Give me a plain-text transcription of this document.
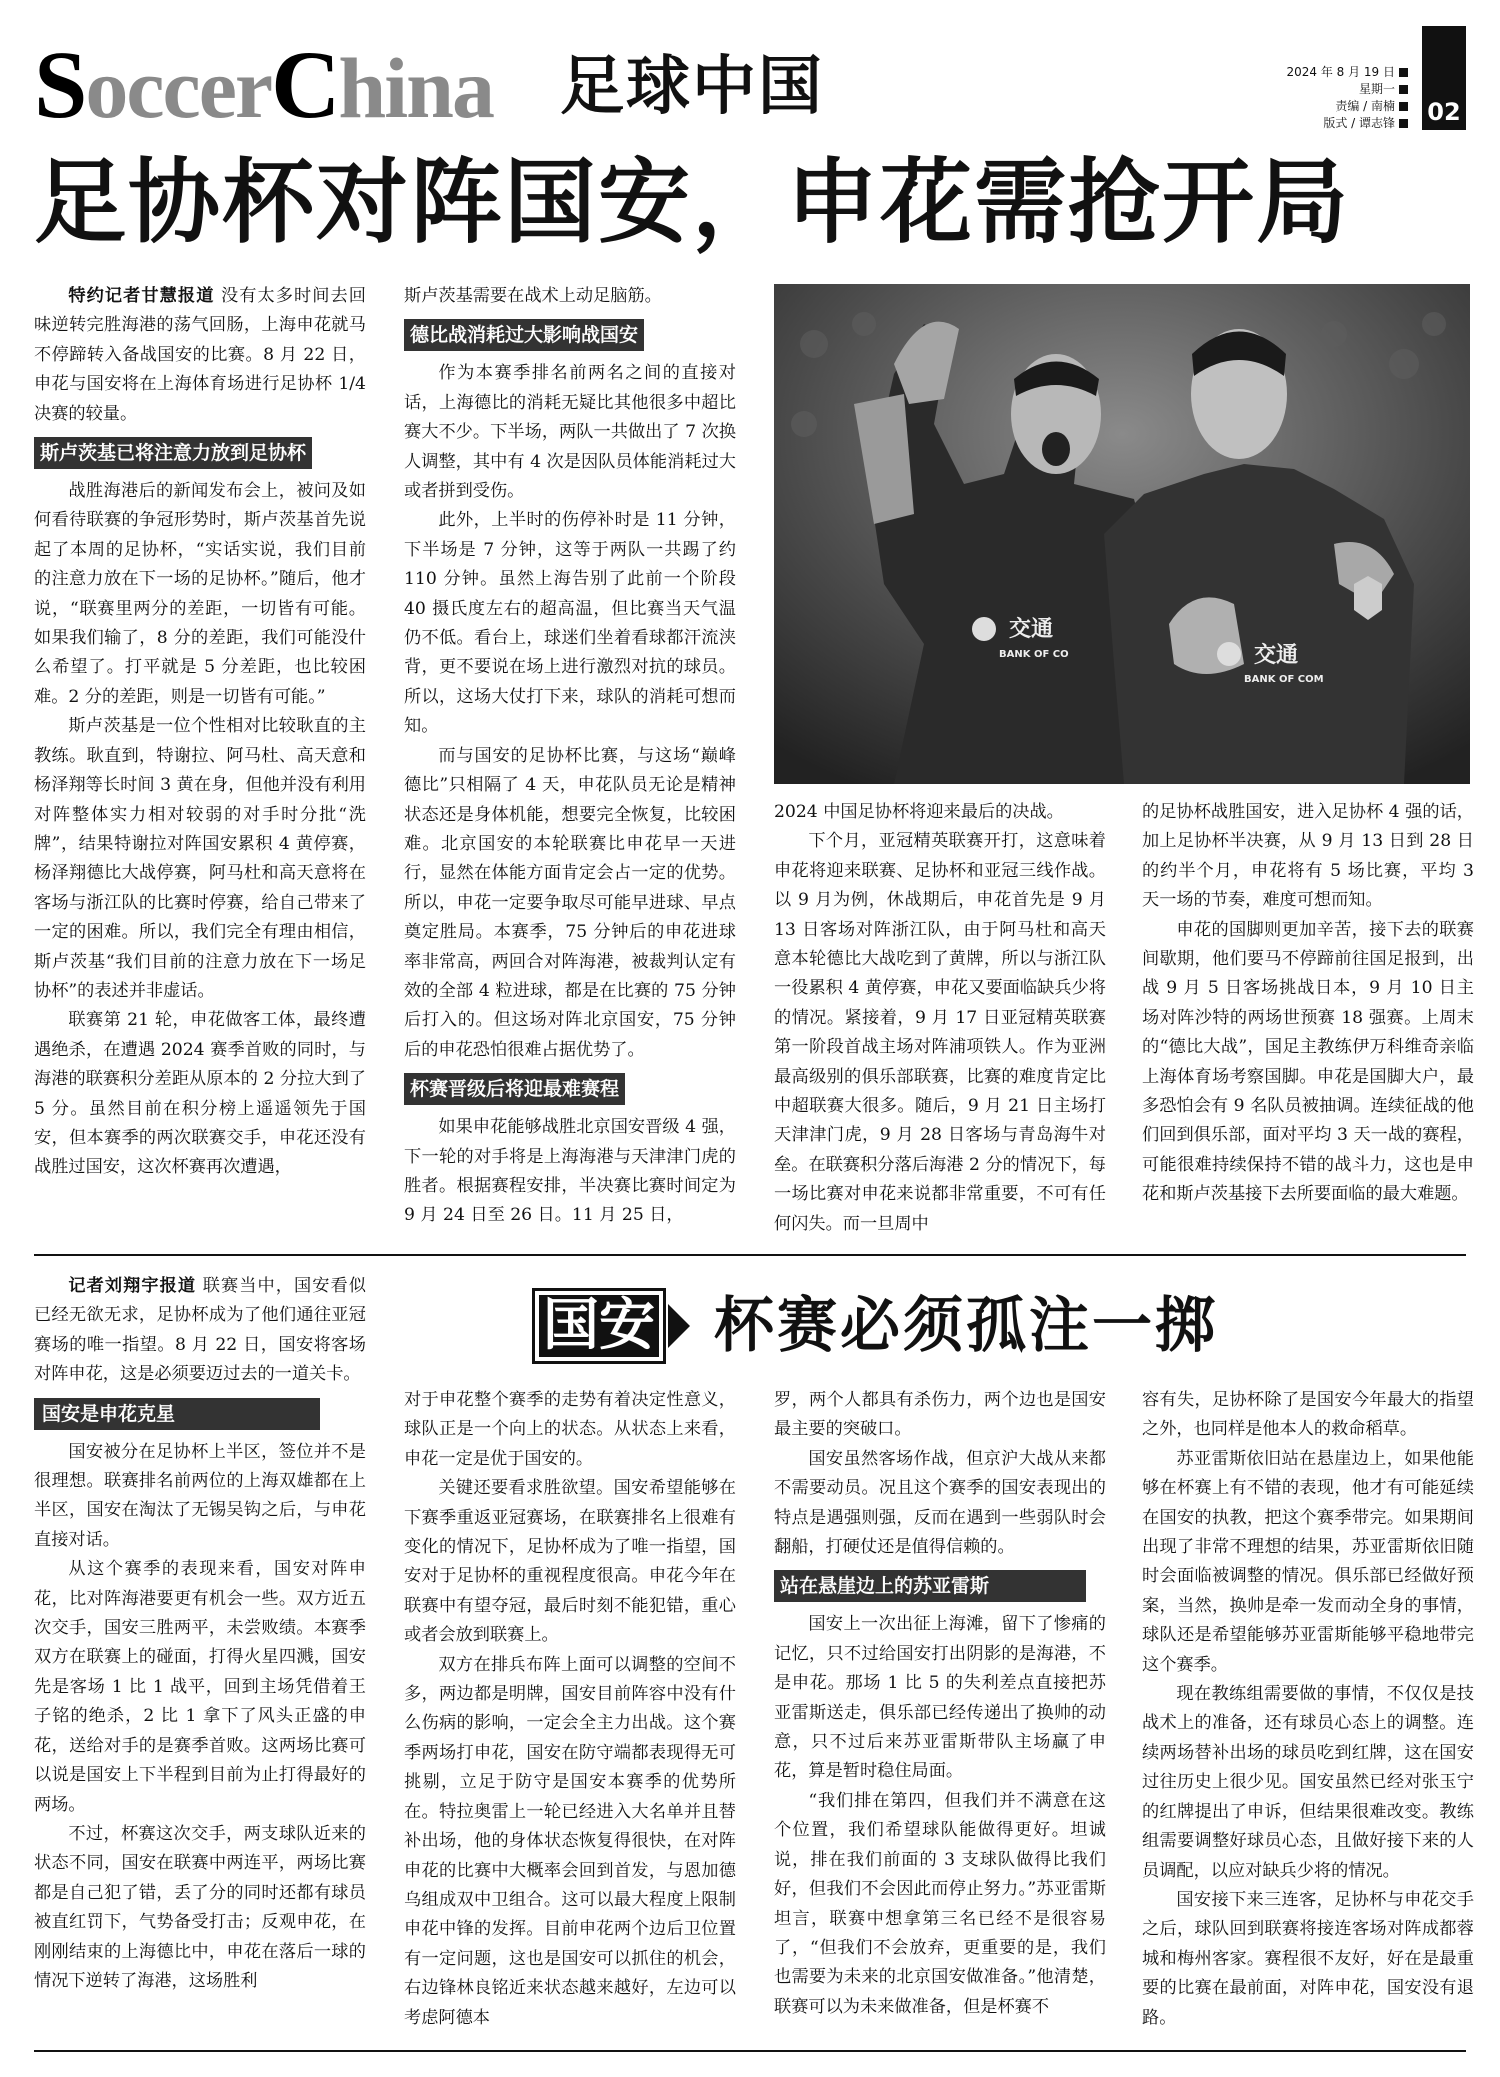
SoccerChina 足球中国	2024 年 8 月 19 日
星期一
责编 / 南楠
版式 / 谭志锋	02
足协杯对阵国安，申花需抢开局

特约记者甘慧报道 没有太多时间去回味逆转完胜海港的荡气回肠，上海申花就马不停蹄转入备战国安的比赛。8 月 22 日，申花与国安将在上海体育场进行足协杯 1/4 决赛的较量。

斯卢茨基已将注意力放到足协杯

战胜海港后的新闻发布会上，被问及如何看待联赛的争冠形势时，斯卢茨基首先说起了本周的足协杯，“实话实说，我们目前的注意力放在下一场的足协杯。”随后，他才说，“联赛里两分的差距，一切皆有可能。如果我们输了，8 分的差距，我们可能没什么希望了。打平就是 5 分差距，也比较困难。2 分的差距，则是一切皆有可能。”

斯卢茨基是一位个性相对比较耿直的主教练。耿直到，特谢拉、阿马杜、高天意和杨泽翔等长时间 3 黄在身，但他并没有利用对阵整体实力相对较弱的对手时分批“洗牌”，结果特谢拉对阵国安累积 4 黄停赛，杨泽翔德比大战停赛，阿马杜和高天意将在客场与浙江队的比赛时停赛，给自己带来了一定的困难。所以，我们完全有理由相信，斯卢茨基“我们目前的注意力放在下一场足协杯”的表述并非虚话。

联赛第 21 轮，申花做客工体，最终遭遇绝杀，在遭遇 2024 赛季首败的同时，与海港的联赛积分差距从原本的 2 分拉大到了 5 分。虽然目前在积分榜上遥遥领先于国安，但本赛季的两次联赛交手，申花还没有战胜过国安，这次杯赛再次遭遇，

斯卢茨基需要在战术上动足脑筋。

德比战消耗过大影响战国安

作为本赛季排名前两名之间的直接对话，上海德比的消耗无疑比其他很多中超比赛大不少。下半场，两队一共做出了 7 次换人调整，其中有 4 次是因队员体能消耗过大或者拼到受伤。

此外，上半时的伤停补时是 11 分钟，下半场是 7 分钟，这等于两队一共踢了约 110 分钟。虽然上海告别了此前一个阶段 40 摄氏度左右的超高温，但比赛当天气温仍不低。看台上，球迷们坐着看球都汗流浃背，更不要说在场上进行激烈对抗的球员。所以，这场大仗打下来，球队的消耗可想而知。

而与国安的足协杯比赛，与这场“巅峰德比”只相隔了 4 天，申花队员无论是精神状态还是身体机能，想要完全恢复，比较困难。北京国安的本轮联赛比申花早一天进行，显然在体能方面肯定会占一定的优势。所以，申花一定要争取尽可能早进球、早点奠定胜局。本赛季，75 分钟后的申花进球率非常高，两回合对阵海港，被裁判认定有效的全部 4 粒进球，都是在比赛的 75 分钟后打入的。但这场对阵北京国安，75 分钟后的申花恐怕很难占据优势了。

杯赛晋级后将迎最难赛程

如果申花能够战胜北京国安晋级 4 强，下一轮的对手将是上海海港与天津津门虎的胜者。根据赛程安排，半决赛比赛时间定为 9 月 24 日至 26 日。11 月 25 日，

交通
BANK OF CO	交通
BANK OF COM

2024 中国足协杯将迎来最后的决战。

下个月，亚冠精英联赛开打，这意味着申花将迎来联赛、足协杯和亚冠三线作战。以 9 月为例，休战期后，申花首先是 9 月 13 日客场对阵浙江队，由于阿马杜和高天意本轮德比大战吃到了黄牌，所以与浙江队一役累积 4 黄停赛，申花又要面临缺兵少将的情况。紧接着，9 月 17 日亚冠精英联赛第一阶段首战主场对阵浦项铁人。作为亚洲最高级别的俱乐部联赛，比赛的难度肯定比中超联赛大很多。随后，9 月 21 日主场打天津津门虎，9 月 28 日客场与青岛海牛对垒。在联赛积分落后海港 2 分的情况下，每一场比赛对申花来说都非常重要，不可有任何闪失。而一旦周中

的足协杯战胜国安，进入足协杯 4 强的话，加上足协杯半决赛，从 9 月 13 日到 28 日的约半个月，申花将有 5 场比赛，平均 3 天一场的节奏，难度可想而知。

申花的国脚则更加辛苦，接下去的联赛间歇期，他们要马不停蹄前往国足报到，出战 9 月 5 日客场挑战日本，9 月 10 日主场对阵沙特的两场世预赛 18 强赛。上周末的“德比大战”，国足主教练伊万科维奇亲临上海体育场考察国脚。申花是国脚大户，最多恐怕会有 9 名队员被抽调。连续征战的他们回到俱乐部，面对平均 3 天一战的赛程，可能很难持续保持不错的战斗力，这也是申花和斯卢茨基接下去所要面临的最大难题。

国安 杯赛必须孤注一掷

记者刘翔宇报道 联赛当中，国安看似已经无欲无求，足协杯成为了他们通往亚冠赛场的唯一指望。8 月 22 日，国安将客场对阵申花，这是必须要迈过去的一道关卡。

国安是申花克星

国安被分在足协杯上半区，签位并不是很理想。联赛排名前两位的上海双雄都在上半区，国安在淘汰了无锡吴钩之后，与申花直接对话。

从这个赛季的表现来看，国安对阵申花，比对阵海港要更有机会一些。双方近五次交手，国安三胜两平，未尝败绩。本赛季双方在联赛上的碰面，打得火星四溅，国安先是客场 1 比 1 战平，回到主场凭借着王子铭的绝杀，2 比 1 拿下了风头正盛的申花，送给对手的是赛季首败。这两场比赛可以说是国安上下半程到目前为止打得最好的两场。

不过，杯赛这次交手，两支球队近来的状态不同，国安在联赛中两连平，两场比赛都是自己犯了错，丢了分的同时还都有球员被直红罚下，气势备受打击；反观申花，在刚刚结束的上海德比中，申花在落后一球的情况下逆转了海港，这场胜利

对于申花整个赛季的走势有着决定性意义，球队正是一个向上的状态。从状态上来看，申花一定是优于国安的。

关键还要看求胜欲望。国安希望能够在下赛季重返亚冠赛场，在联赛排名上很难有变化的情况下，足协杯成为了唯一指望，国安对于足协杯的重视程度很高。申花今年在联赛中有望夺冠，最后时刻不能犯错，重心或者会放到联赛上。

双方在排兵布阵上面可以调整的空间不多，两边都是明牌，国安目前阵容中没有什么伤病的影响，一定会全主力出战。这个赛季两场打申花，国安在防守端都表现得无可挑剔，立足于防守是国安本赛季的优势所在。特拉奥雷上一轮已经进入大名单并且替补出场，他的身体状态恢复得很快，在对阵申花的比赛中大概率会回到首发，与恩加德乌组成双中卫组合。这可以最大程度上限制申花中锋的发挥。目前申花两个边后卫位置有一定问题，这也是国安可以抓住的机会，右边锋林良铭近来状态越来越好，左边可以考虑阿德本

罗，两个人都具有杀伤力，两个边也是国安最主要的突破口。

国安虽然客场作战，但京沪大战从来都不需要动员。况且这个赛季的国安表现出的特点是遇强则强，反而在遇到一些弱队时会翻船，打硬仗还是值得信赖的。

站在悬崖边上的苏亚雷斯

国安上一次出征上海滩，留下了惨痛的记忆，只不过给国安打出阴影的是海港，不是申花。那场 1 比 5 的失利差点直接把苏亚雷斯送走，俱乐部已经传递出了换帅的动意，只不过后来苏亚雷斯带队主场赢了申花，算是暂时稳住局面。

“我们排在第四，但我们并不满意在这个位置，我们希望球队能做得更好。坦诚说，排在我们前面的 3 支球队做得比我们好，但我们不会因此而停止努力。”苏亚雷斯坦言，联赛中想拿第三名已经不是很容易了，“但我们不会放弃，更重要的是，我们也需要为未来的北京国安做准备。”他清楚，联赛可以为未来做准备，但是杯赛不

容有失，足协杯除了是国安今年最大的指望之外，也同样是他本人的救命稻草。

苏亚雷斯依旧站在悬崖边上，如果他能够在杯赛上有不错的表现，他才有可能延续在国安的执教，把这个赛季带完。如果期间出现了非常不理想的结果，苏亚雷斯依旧随时会面临被调整的情况。俱乐部已经做好预案，当然，换帅是牵一发而动全身的事情，球队还是希望能够苏亚雷斯能够平稳地带完这个赛季。

现在教练组需要做的事情，不仅仅是技战术上的准备，还有球员心态上的调整。连续两场替补出场的球员吃到红牌，这在国安过往历史上很少见。国安虽然已经对张玉宁的红牌提出了申诉，但结果很难改变。教练组需要调整好球员心态，且做好接下来的人员调配，以应对缺兵少将的情况。

国安接下来三连客，足协杯与申花交手之后，球队回到联赛将接连客场对阵成都蓉城和梅州客家。赛程很不友好，好在是最重要的比赛在最前面，对阵申花，国安没有退路。
